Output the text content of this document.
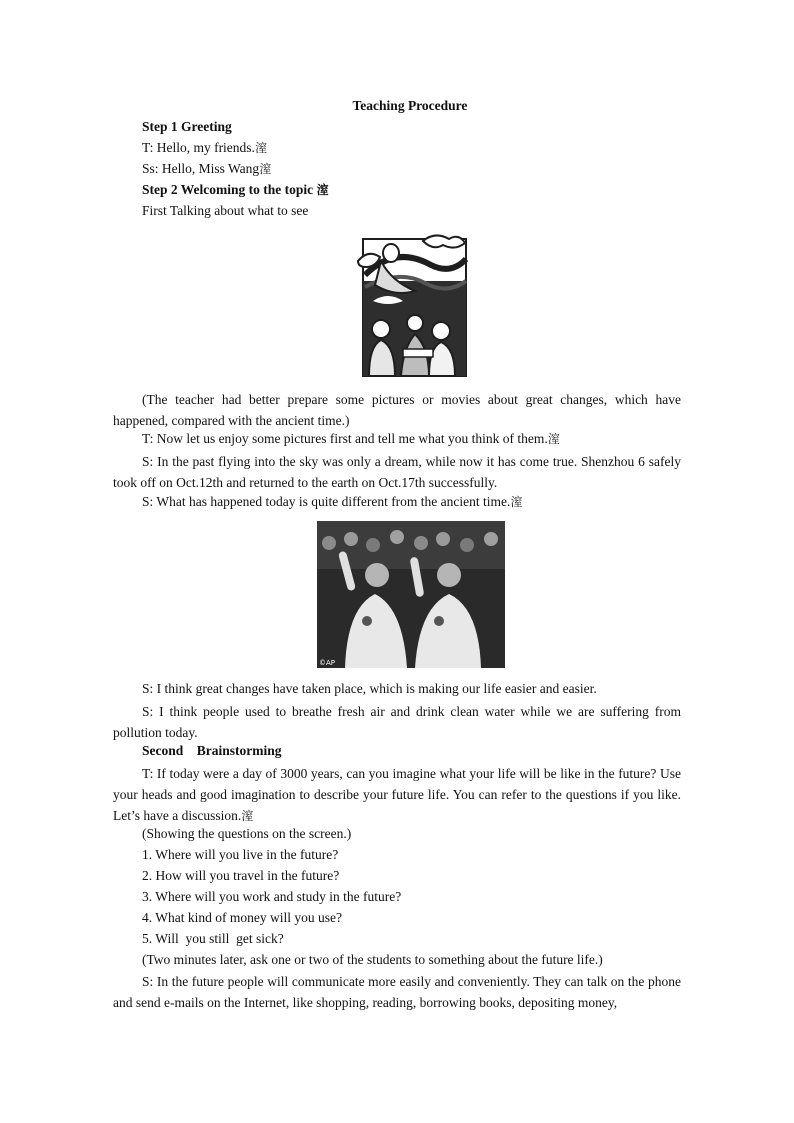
Teaching Procedure
Step 1 Greeting
T: Hello, my friends.潌
Ss: Hello, Miss Wang潌
Step 2 Welcoming to the topic 潌
First Talking about what to see
(The teacher had better prepare some pictures or movies about great changes, which have happened, compared with the ancient time.)
T: Now let us enjoy some pictures first and tell me what you think of them.潌
S: In the past flying into the sky was only a dream, while now it has come true. Shenzhou 6 safely took off on Oct.12th and returned to the earth on Oct.17th successfully.
S: What has happened today is quite different from the ancient time.潌
©AP
S: I think great changes have taken place, which is making our life easier and easier.
S: I think people used to breathe fresh air and drink clean water while we are suffering from pollution today.
Second    Brainstorming
T: If today were a day of 3000 years, can you imagine what your life will be like in the future? Use your heads and good imagination to describe your future life. You can refer to the questions if you like. Let’s have a discussion.潌
(Showing the questions on the screen.)
1. Where will you live in the future?
2. How will you travel in the future?
3. Where will you work and study in the future?
4. What kind of money will you use?
5. Will  you still  get sick?
(Two minutes later, ask one or two of the students to something about the future life.)
S: In the future people will communicate more easily and conveniently. They can talk on the phone and send e-mails on the Internet, like shopping, reading, borrowing books, depositing money,
